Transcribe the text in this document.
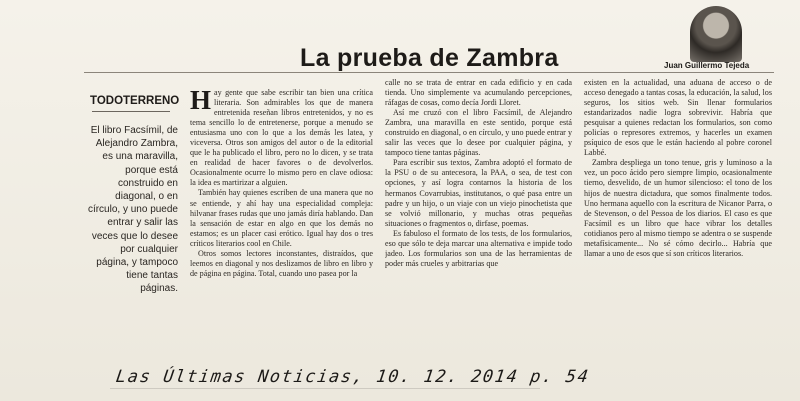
La prueba de Zambra	Juan Guillermo Tejeda
TODOTERRENO
El libro Facsímil, de Alejandro Zambra, es una maravilla, porque está construido en diagonal, o en círculo, y uno puede entrar y salir las veces que lo desee por cualquier página, y tampoco tiene tantas páginas.

Hay gente que sabe escribir tan bien una crítica literaria. Son admirables los que de manera entretenida reseñan libros entretenidos, y no es tema sencillo lo de entretenerse, porque a menudo se entusiasma uno con lo que a los demás les latea, y viceversa. Otros son amigos del autor o de la editorial que le ha publicado el libro, pero no lo dicen, y se trata en realidad de hacer favores o de devolverlos. Ocasionalmente ocurre lo mismo pero en clave odiosa: la idea es martirizar a alguien.

También hay quienes escriben de una manera que no se entiende, y ahí hay una especialidad compleja: hilvanar frases rudas que uno jamás diría hablando. Dan la sensación de estar en algo en que los demás no estamos; es un placer casi erótico. Igual hay dos o tres críticos literarios cool en Chile.

Otros somos lectores inconstantes, distraídos, que leemos en diagonal y nos deslizamos de libro en libro y de página en página. Total, cuando uno pasea por la

calle no se trata de entrar en cada edificio y en cada tienda. Uno simplemente va acumulando percepciones, ráfagas de cosas, como decía Jordi Lloret.

Así me cruzó con el libro Facsímil, de Alejandro Zambra, una maravilla en este sentido, porque está construido en diagonal, o en círculo, y uno puede entrar y salir las veces que lo desee por cualquier página, y tampoco tiene tantas páginas.

Para escribir sus textos, Zambra adoptó el formato de la PSU o de su antecesora, la PAA, o sea, de test con opciones, y así logra contarnos la historia de los hermanos Covarrubias, institutanos, o qué pasa entre un padre y un hijo, o un viaje con un viejo pinochetista que se volvió millonario, y muchas otras pequeñas situaciones o fragmentos o, dirfase, poemas.

Es fabuloso el formato de los tests, de los formularios, eso que sólo te deja marcar una alternativa e impide todo jadeo. Los formularios son una de las herramientas de poder más crueles y arbitrarias que

existen en la actualidad, una aduana de acceso o de acceso denegado a tantas cosas, la educación, la salud, los seguros, los sitios web. Sin llenar formularios estandarizados nadie logra sobrevivir. Habría que pesquisar a quienes redactan los formularios, son como policías o represores extremos, y hacerles un examen psíquico de esos que le están haciendo al pobre coronel Labbé.

Zambra despliega un tono tenue, gris y luminoso a la vez, un poco ácido pero siempre limpio, ocasionalmente tierno, desvelido, de un humor silencioso: el tono de los hijos de nuestra dictadura, que somos finalmente todos. Uno hermana aquello con la escritura de Nicanor Parra, o de Stevenson, o del Pessoa de los diarios. El caso es que Facsímil es un libro que hace vibrar los detalles cotidianos pero al mismo tiempo se adentra o se suspende metafísicamente... No sé cómo decirlo... Habría que llamar a uno de esos que sí son críticos literarios.

Las Últimas Noticias, 10. 12. 2014 p. 54
